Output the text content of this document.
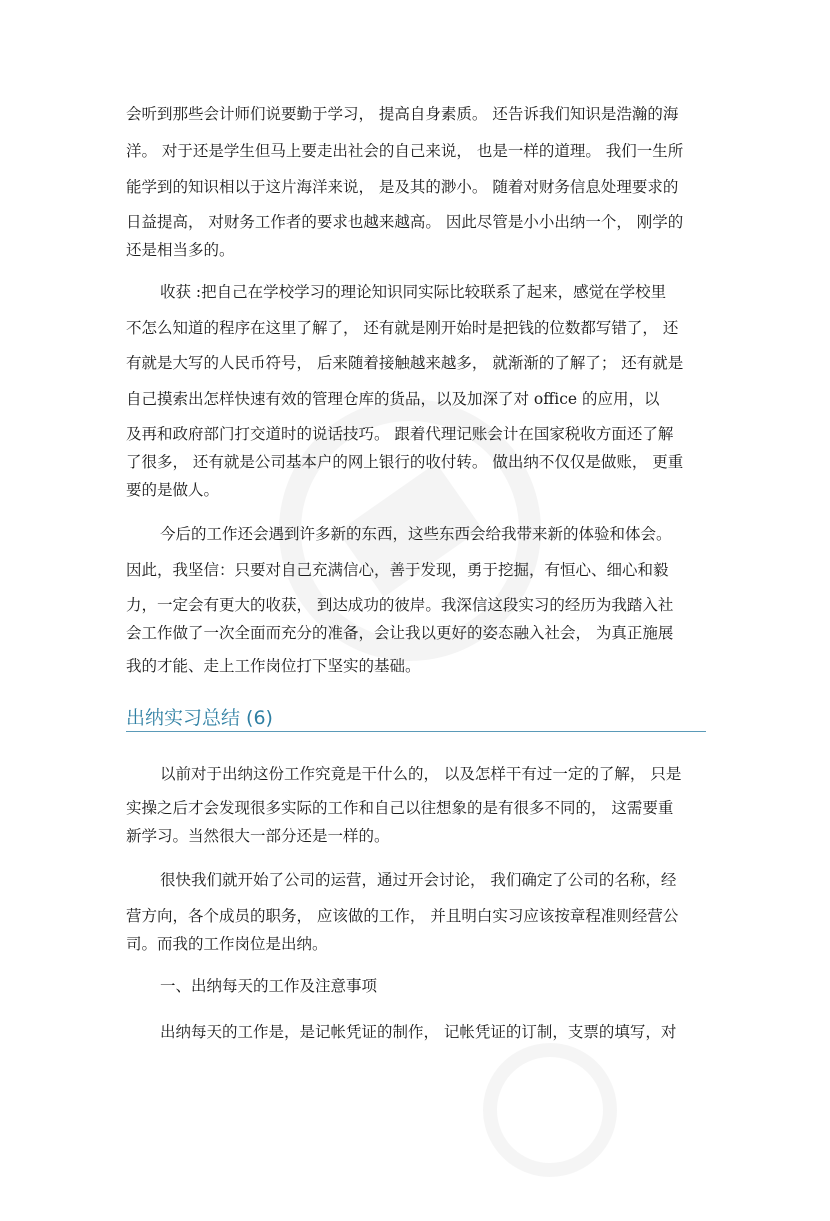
会听到那些会计师们说要勤于学习， 提高自身素质。 还告诉我们知识是浩瀚的海
洋。 对于还是学生但马上要走出社会的自己来说， 也是一样的道理。 我们一生所
能学到的知识相以于这片海洋来说， 是及其的渺小。 随着对财务信息处理要求的
日益提高， 对财务工作者的要求也越来越高。 因此尽管是小小出纳一个， 刚学的
还是相当多的。
收获 :把自己在学校学习的理论知识同实际比较联系了起来，感觉在学校里
不怎么知道的程序在这里了解了， 还有就是刚开始时是把钱的位数都写错了， 还
有就是大写的人民币符号， 后来随着接触越来越多， 就渐渐的了解了； 还有就是
自己摸索出怎样快速有效的管理仓库的货品，以及加深了对 office 的应用，以
及再和政府部门打交道时的说话技巧。 跟着代理记账会计在国家税收方面还了解
了很多， 还有就是公司基本户的网上银行的收付转。 做出纳不仅仅是做账， 更重
要的是做人。
今后的工作还会遇到许多新的东西，这些东西会给我带来新的体验和体会。
因此，我坚信：只要对自己充满信心，善于发现，勇于挖掘，有恒心、细心和毅
力，一定会有更大的收获， 到达成功的彼岸。我深信这段实习的经历为我踏入社
会工作做了一次全面而充分的准备，会让我以更好的姿态融入社会， 为真正施展
我的才能、走上工作岗位打下坚实的基础。
出纳实习总结 (6)
以前对于出纳这份工作究竟是干什么的， 以及怎样干有过一定的了解， 只是
实操之后才会发现很多实际的工作和自己以往想象的是有很多不同的， 这需要重
新学习。当然很大一部分还是一样的。
很快我们就开始了公司的运营，通过开会讨论， 我们确定了公司的名称，经
营方向，各个成员的职务， 应该做的工作， 并且明白实习应该按章程准则经营公
司。而我的工作岗位是出纳。
一、出纳每天的工作及注意事项
出纳每天的工作是，是记帐凭证的制作， 记帐凭证的订制，支票的填写，对
